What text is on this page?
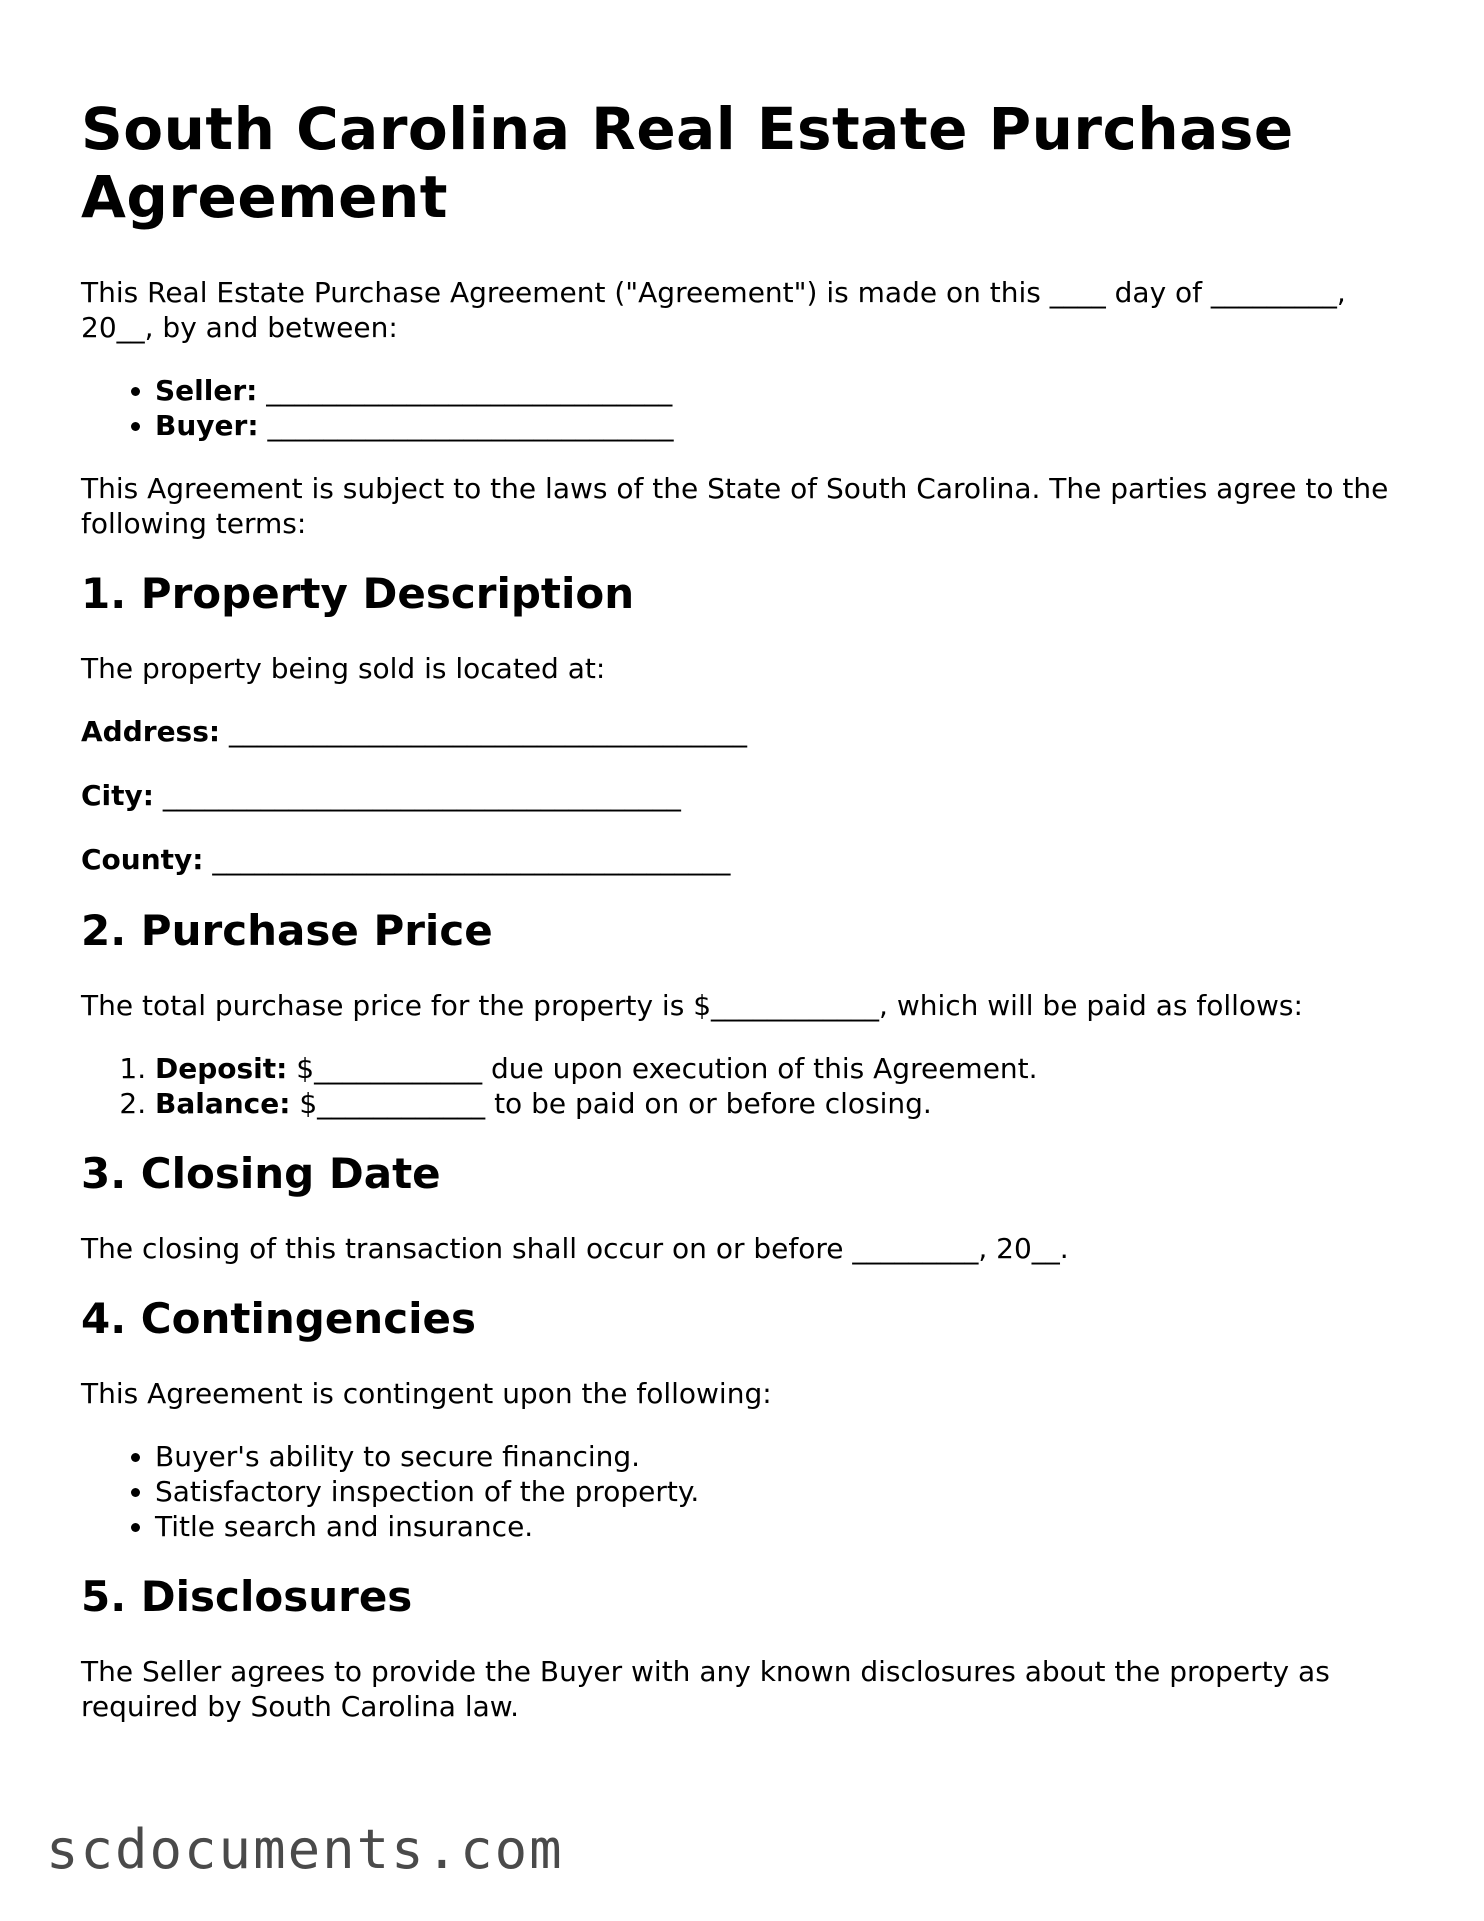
South Carolina Real Estate Purchase Agreement

This Real Estate Purchase Agreement ("Agreement") is made on this ____ day of _________, 20__, by and between:

• Seller: _____________________________
• Buyer: _____________________________

This Agreement is subject to the laws of the State of South Carolina. The parties agree to the following terms:

1. Property Description

The property being sold is located at:

Address: _____________________________________
City: _____________________________________
County: _____________________________________
2. Purchase Price

The total purchase price for the property is $____________, which will be paid as follows:

1. Deposit: $____________ due upon execution of this Agreement.
2. Balance: $____________ to be paid on or before closing.
3. Closing Date

The closing of this transaction shall occur on or before _________, 20__.

4. Contingencies

This Agreement is contingent upon the following:

• Buyer's ability to secure financing.
• Satisfactory inspection of the property.
• Title search and insurance.
5. Disclosures

The Seller agrees to provide the Buyer with any known disclosures about the property as required by South Carolina law.

scdocuments.com
